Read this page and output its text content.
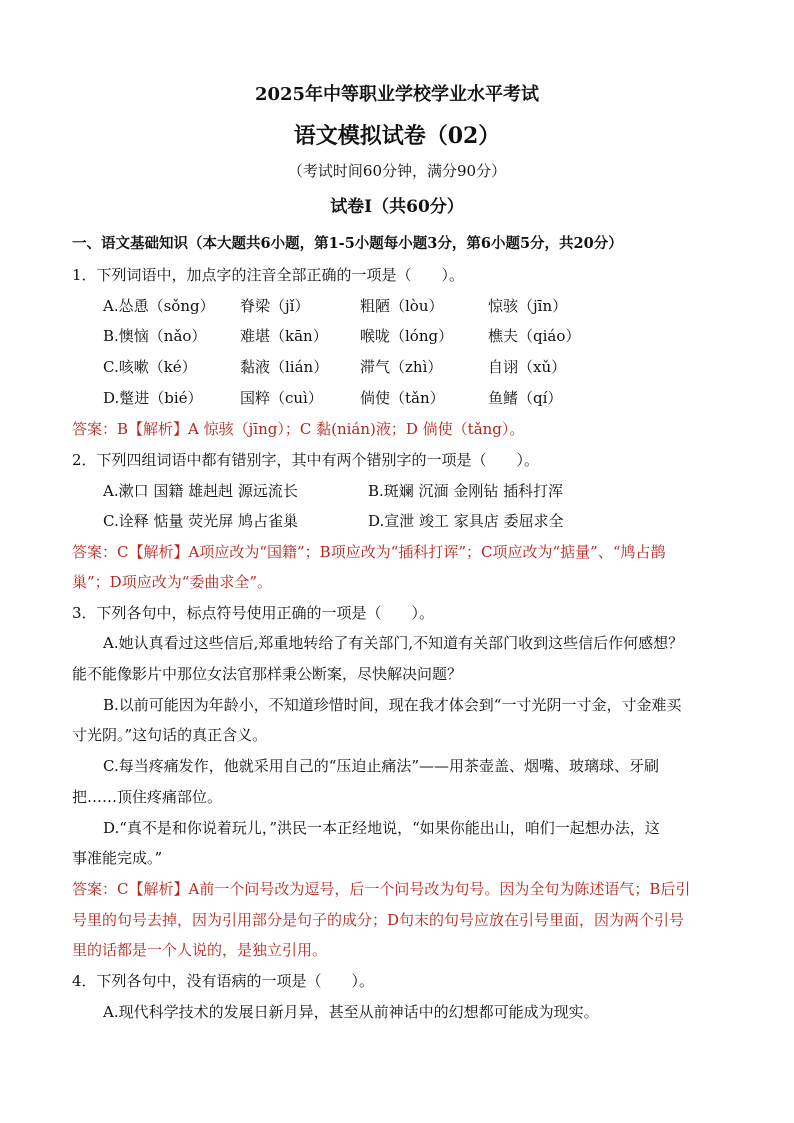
2025年中等职业学校学业水平考试
语文模拟试卷（02）
（考试时间60分钟，满分90分）
试卷Ⅰ（共60分）
一、语文基础知识（本大题共6小题，第1-5小题每小题3分，第6小题5分，共20分）
1．下列词语中，加点字的注音全部正确的一项是（　　）。
A.怂恿（sǒng） 脊梁（jǐ）	粗陋（lòu）	惊骇（jīn）
B.懊恼（nǎo） 难堪（kān） 喉咙（lóng） 樵夫（qiáo）
C.咳嗽（ké）	黏液（lián） 滞气（zhì）	自诩（xǔ）
D.蹩进（bié） 国粹（cuì） 倘使（tǎn）	鱼鳍（qí）
答案：B【解析】A 惊骇（jīng）；C 黏(nián)液；D 倘使（tǎng）。
2．下列四组词语中都有错别字，其中有两个错别字的一项是（　　）。
A.漱口 国籍 雄赳赳 源远流长	B.斑斓 沉湎 金刚钻 插科打浑
C.诠释 惦量 荧光屏 鸠占雀巢	D.宣泄 竣工 家具店 委屈求全
答案：C【解析】A项应改为“国籍”；B项应改为“插科打诨”；C项应改为“掂量”、“鸠占鹊
巢”；D项应改为“委曲求全”。
3．下列各句中，标点符号使用正确的一项是（　　）。
A.她认真看过这些信后,郑重地转给了有关部门,不知道有关部门收到这些信后作何感想？
能不能像影片中那位女法官那样秉公断案，尽快解决问题？
B.以前可能因为年龄小，不知道珍惜时间，现在我才体会到“一寸光阴一寸金，寸金难买
寸光阴。”这句话的真正含义。
C.每当疼痛发作，他就采用自己的“压迫止痛法”——用茶壶盖、烟嘴、玻璃球、牙刷
把……顶住疼痛部位。
D.“真不是和你说着玩儿，”洪民一本正经地说，“如果你能出山，咱们一起想办法，这
事准能完成。”
答案：C【解析】A前一个问号改为逗号，后一个问号改为句号。因为全句为陈述语气；B后引
号里的句号去掉，因为引用部分是句子的成分；D句末的句号应放在引号里面，因为两个引号
里的话都是一个人说的，是独立引用。
4．下列各句中，没有语病的一项是（　　）。
A.现代科学技术的发展日新月异，甚至从前神话中的幻想都可能成为现实。
